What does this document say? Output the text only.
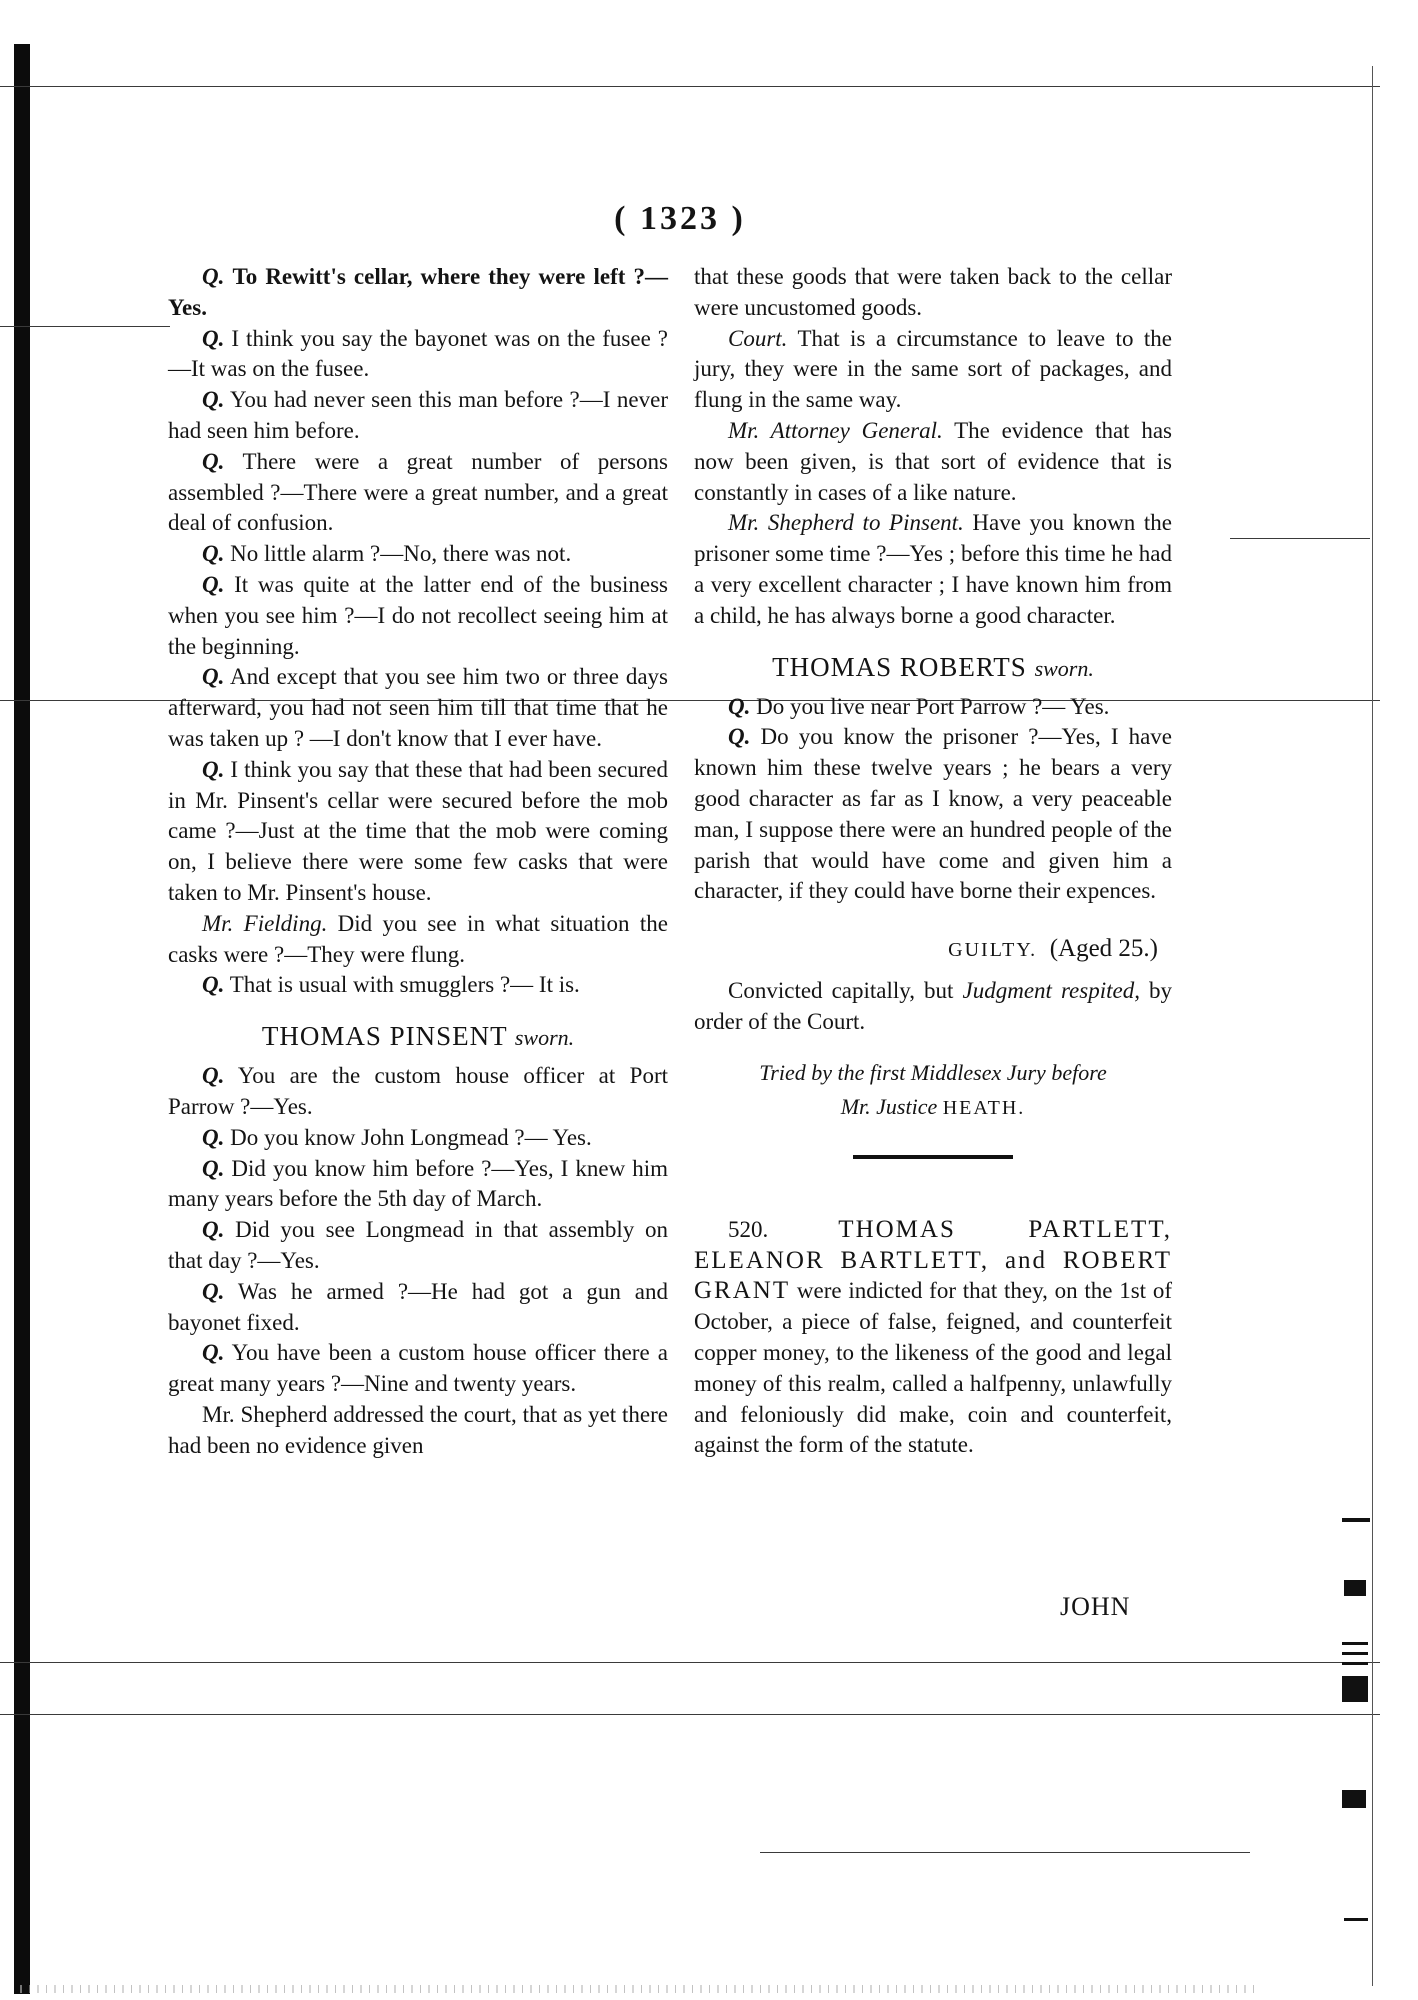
( 1323 )

Q. To Rewitt's cellar, where they were left ?—Yes.

Q. I think you say the bayonet was on the fusee ?—It was on the fusee.

Q. You had never seen this man before ?—I never had seen him before.

Q. There were a great number of persons assembled ?—There were a great number, and a great deal of confusion.

Q. No little alarm ?—No, there was not.

Q. It was quite at the latter end of the business when you see him ?—I do not recollect seeing him at the beginning.

Q. And except that you see him two or three days afterward, you had not seen him till that time that he was taken up ? —I don't know that I ever have.

Q. I think you say that these that had been secured in Mr. Pinsent's cellar were secured before the mob came ?—Just at the time that the mob were coming on, I believe there were some few casks that were taken to Mr. Pinsent's house.

Mr. Fielding. Did you see in what situation the casks were ?—They were flung.

Q. That is usual with smugglers ?— It is.

THOMAS PINSENT sworn.

Q. You are the custom house officer at Port Parrow ?—Yes.

Q. Do you know John Longmead ?— Yes.

Q. Did you know him before ?—Yes, I knew him many years before the 5th day of March.

Q. Did you see Longmead in that assembly on that day ?—Yes.

Q. Was he armed ?—He had got a gun and bayonet fixed.

Q. You have been a custom house officer there a great many years ?—Nine and twenty years.

Mr. Shepherd addressed the court, that as yet there had been no evidence given

that these goods that were taken back to the cellar were uncustomed goods.

Court. That is a circumstance to leave to the jury, they were in the same sort of packages, and flung in the same way.

Mr. Attorney General. The evidence that has now been given, is that sort of evidence that is constantly in cases of a like nature.

Mr. Shepherd to Pinsent. Have you known the prisoner some time ?—Yes ; before this time he had a very excellent character ; I have known him from a child, he has always borne a good character.

THOMAS ROBERTS sworn.

Q. Do you live near Port Parrow ?— Yes.

Q. Do you know the prisoner ?—Yes, I have known him these twelve years ; he bears a very good character as far as I know, a very peaceable man, I suppose there were an hundred people of the parish that would have come and given him a character, if they could have borne their expences.

GUILTY. (Aged 25.)

Convicted capitally, but Judgment respited, by order of the Court.

Tried by the first Middlesex Jury before
Mr. Justice HEATH.

520.	THOMAS PARTLETT, ELEANOR BARTLETT, and ROBERT GRANT were indicted for that they, on the 1st of October, a piece of false, feigned, and counterfeit copper money, to the likeness of the good and legal money of this realm, called a halfpenny, unlawfully and feloniously did make, coin and counterfeit, against the form of the statute.

JOHN
